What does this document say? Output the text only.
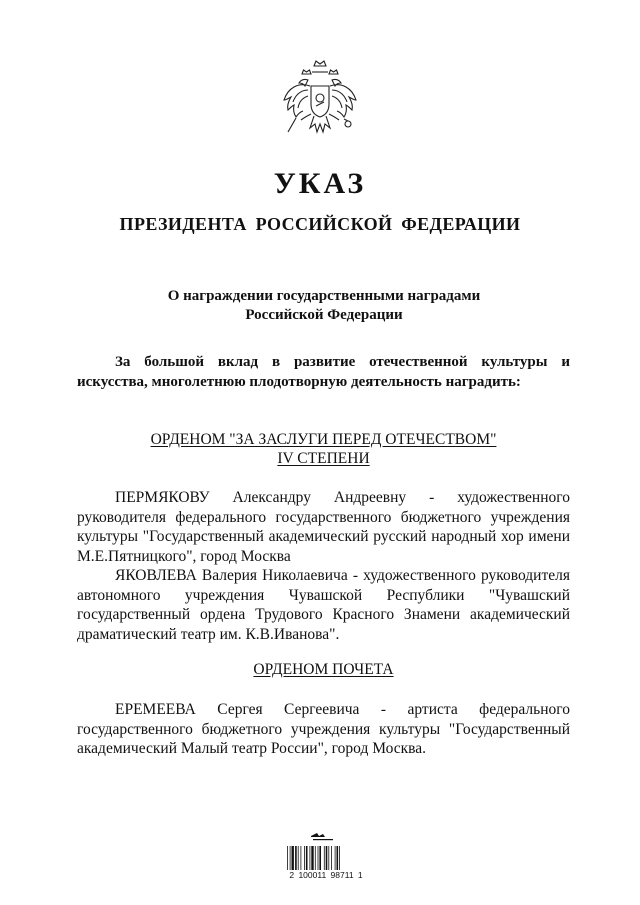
УКАЗ
ПРЕЗИДЕНТА РОССИЙСКОЙ ФЕДЕРАЦИИ
О награждении государственными наградами
Российской Федерации
За большой вклад в развитие отечественной культуры и искусства, многолетнюю плодотворную деятельность наградить:
ОРДЕНОМ "ЗА ЗАСЛУГИ ПЕРЕД ОТЕЧЕСТВОМ"
IV СТЕПЕНИ
ПЕРМЯКОВУ Александру Андреевну - художественного руководителя федерального государственного бюджетного учреждения культуры "Государственный академический русский народный хор имени М.Е.Пятницкого", город Москва
ЯКОВЛЕВА Валерия Николаевича - художественного руководителя автономного учреждения Чувашской Республики "Чувашский государственный ордена Трудового Красного Знамени академический драматический театр им. К.В.Иванова".
ОРДЕНОМ ПОЧЕТА
ЕРЕМЕЕВА Сергея Сергеевича - артиста федерального государственного бюджетного учреждения культуры "Государственный академический Малый театр России", город Москва.
2 100011 98711 1
